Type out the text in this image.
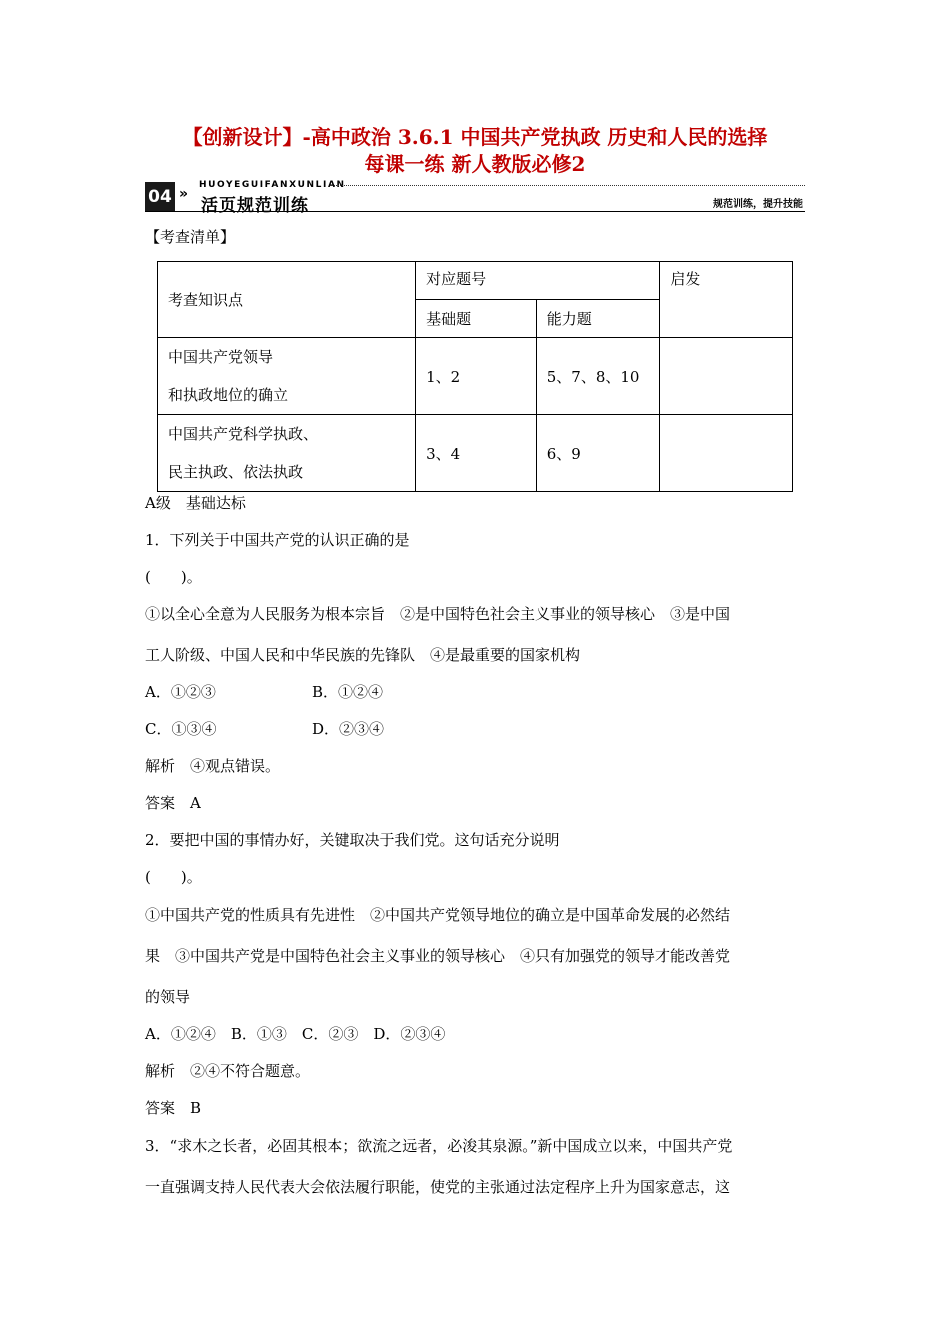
【创新设计】-高中政治 3.6.1 中国共产党执政 历史和人民的选择
每课一练 新人教版必修2
04 »
HUOYEGUIFANXUNLIAN
活页规范训练	规范训练，提升技能
【考查清单】
考查知识点	对应题号		启发
	基础题	能力题	

中国共产党领导
和执政地位的确立	1、2	5、7、8、10	

中国共产党科学执政、
民主执政、依法执政	3、4	6、9	
A级　基础达标
1．下列关于中国共产党的认识正确的是
(　　)。
①以全心全意为人民服务为根本宗旨　②是中国特色社会主义事业的领导核心　③是中国
工人阶级、中国人民和中华民族的先锋队　④是最重要的国家机构
A．①②③	B．①②④
C．①③④	D．②③④
解析　④观点错误。
答案　A
2．要把中国的事情办好，关键取决于我们党。这句话充分说明
(　　)。
①中国共产党的性质具有先进性　②中国共产党领导地位的确立是中国革命发展的必然结
果　③中国共产党是中国特色社会主义事业的领导核心　④只有加强党的领导才能改善党
的领导
A．①②④　B．①③　C．②③　D．②③④
解析　②④不符合题意。
答案　B
3．“求木之长者，必固其根本；欲流之远者，必浚其泉源。”新中国成立以来，中国共产党
一直强调支持人民代表大会依法履行职能，使党的主张通过法定程序上升为国家意志，这
